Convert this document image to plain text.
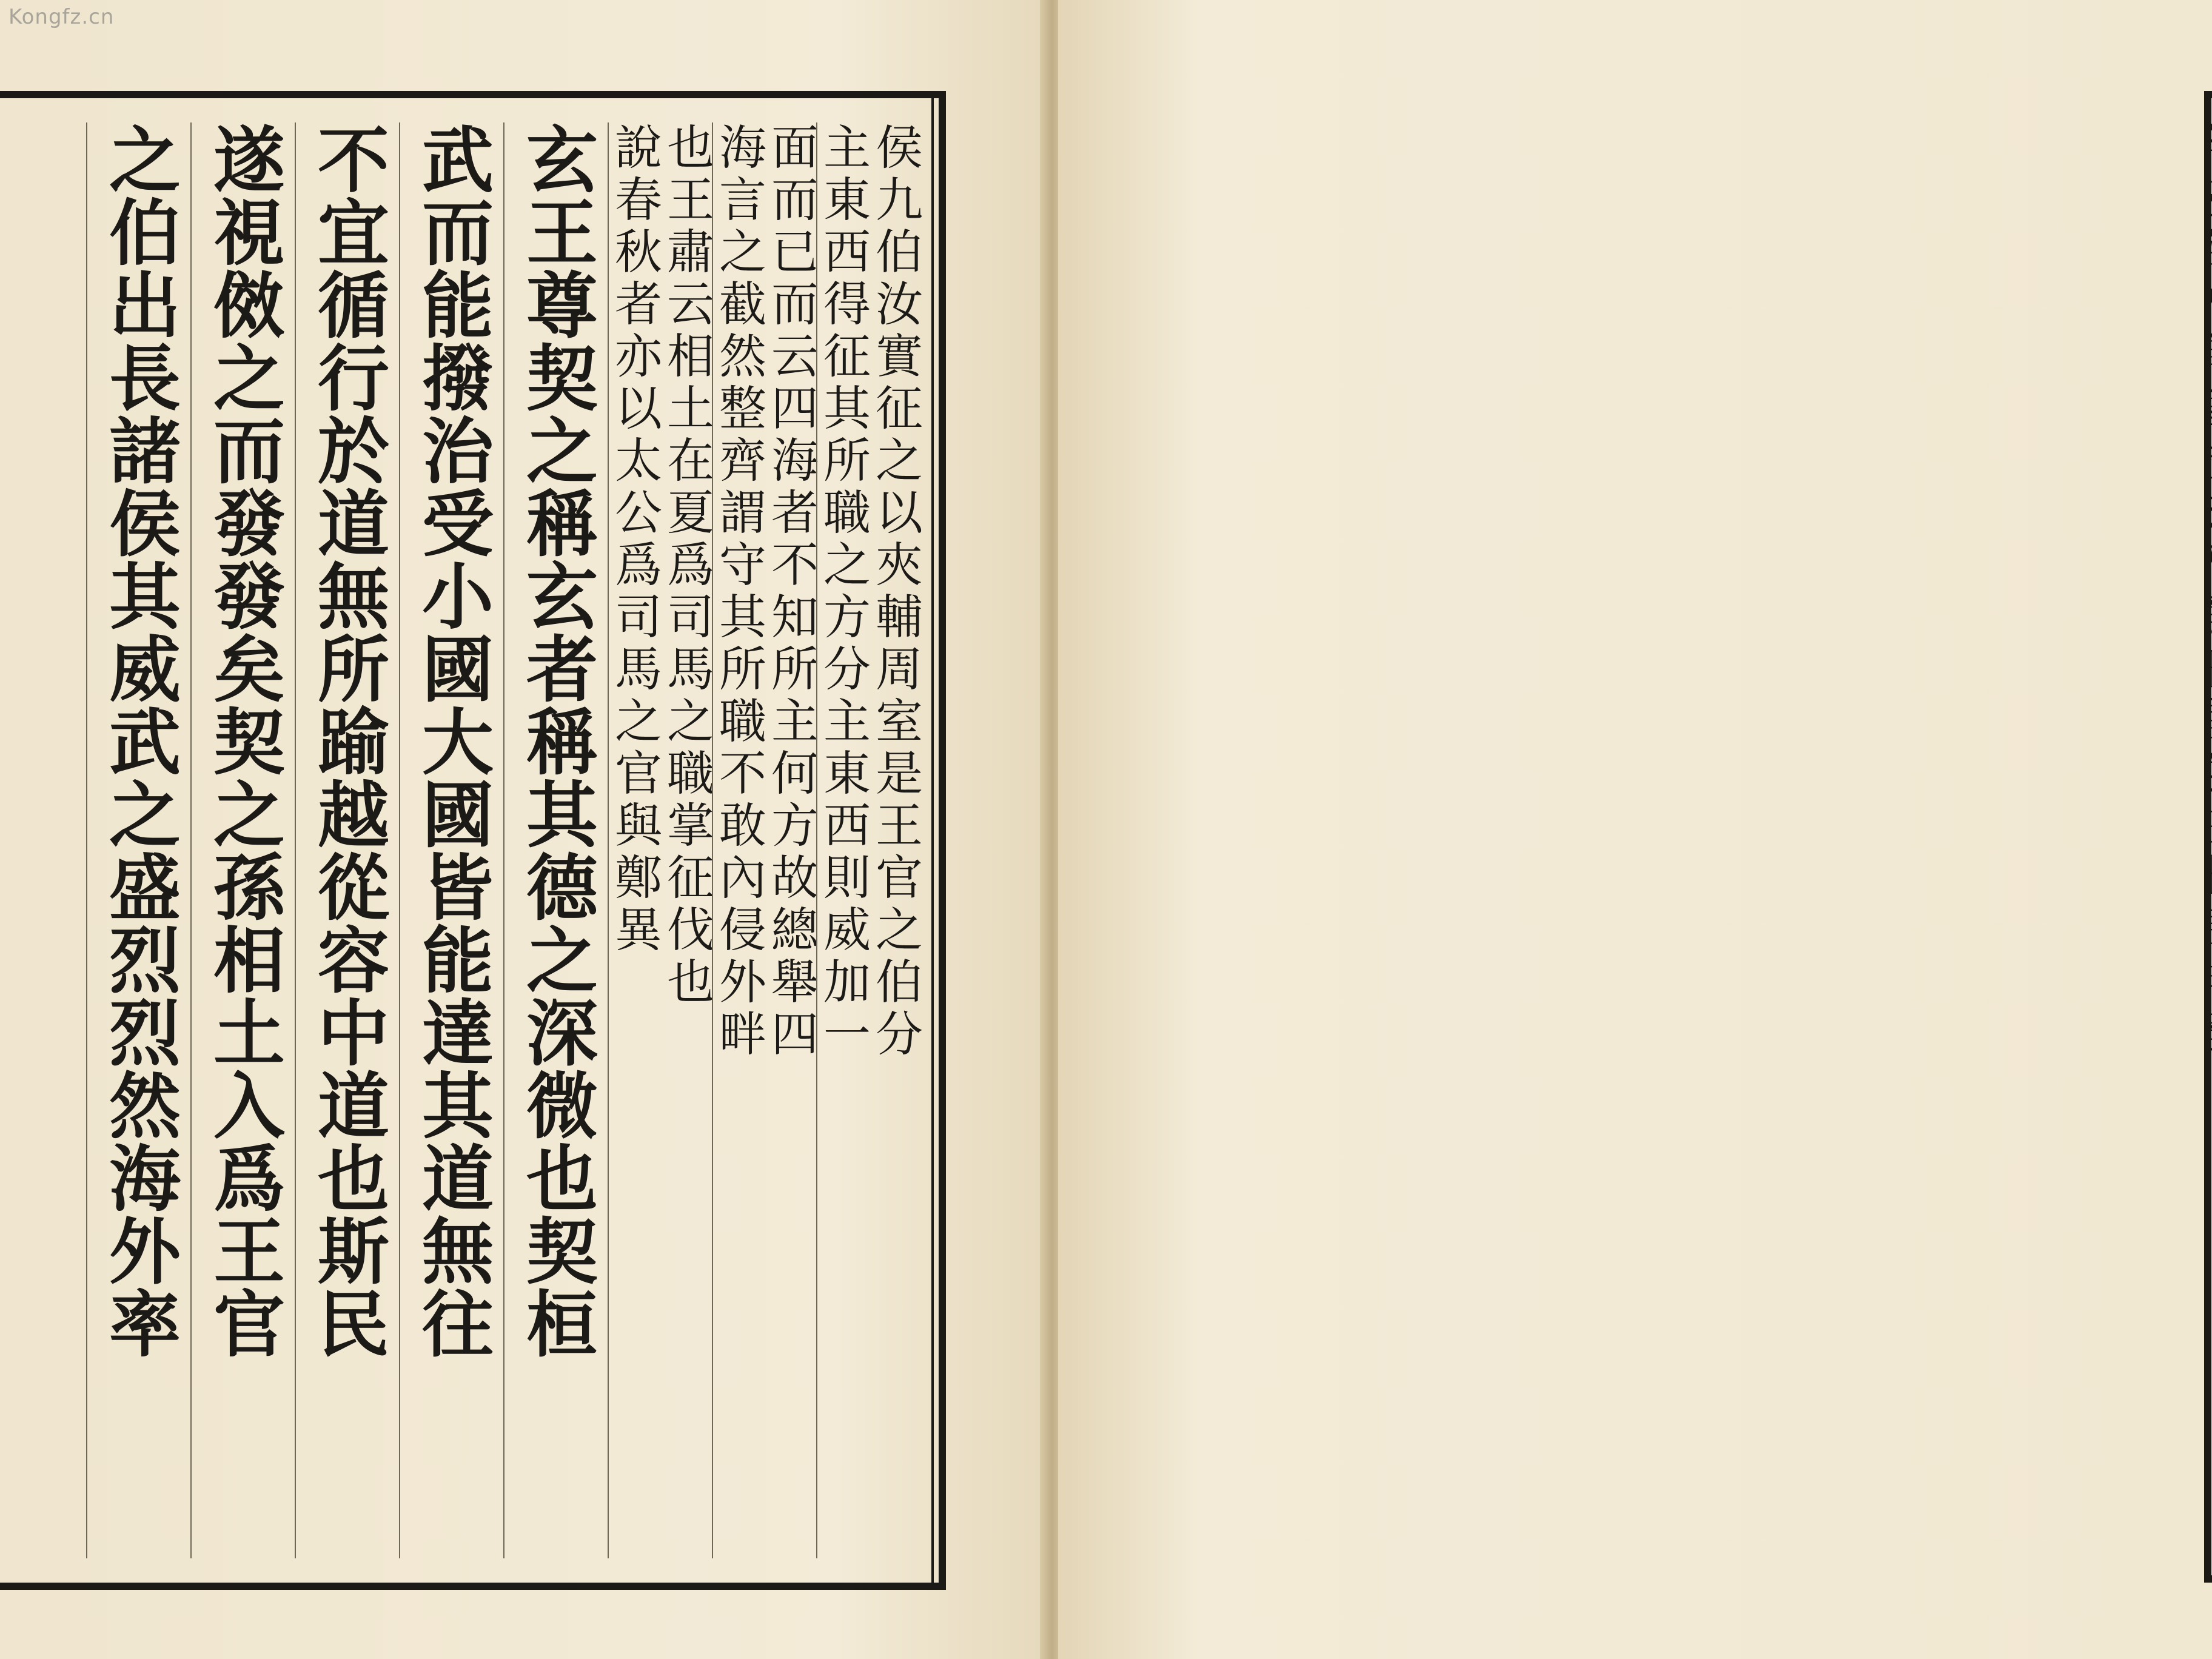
侯九伯汝實征之以夾輔周室是王官之伯分
主東西得征其所職之方分主東西則威加一
面而已而云四海者不知所主何方故總舉四
海言之截然整齊謂守其所職不敢內侵外畔
也王肅云相土在夏爲司馬之職掌征伐也
說春秋者亦以太公爲司馬之官與鄭異
玄王尊契之稱玄者稱其德之深微也契桓
武而能撥治受小國大國皆能達其道無往
不宜循行於道無所踰越從容中道也斯民
遂視傚之而發發矣契之孫相土入爲王官
之伯出長諸侯其威武之盛烈烈然海外率	今云海外有截故知入爲王官之伯出長諸侯
Kongfz.cn
